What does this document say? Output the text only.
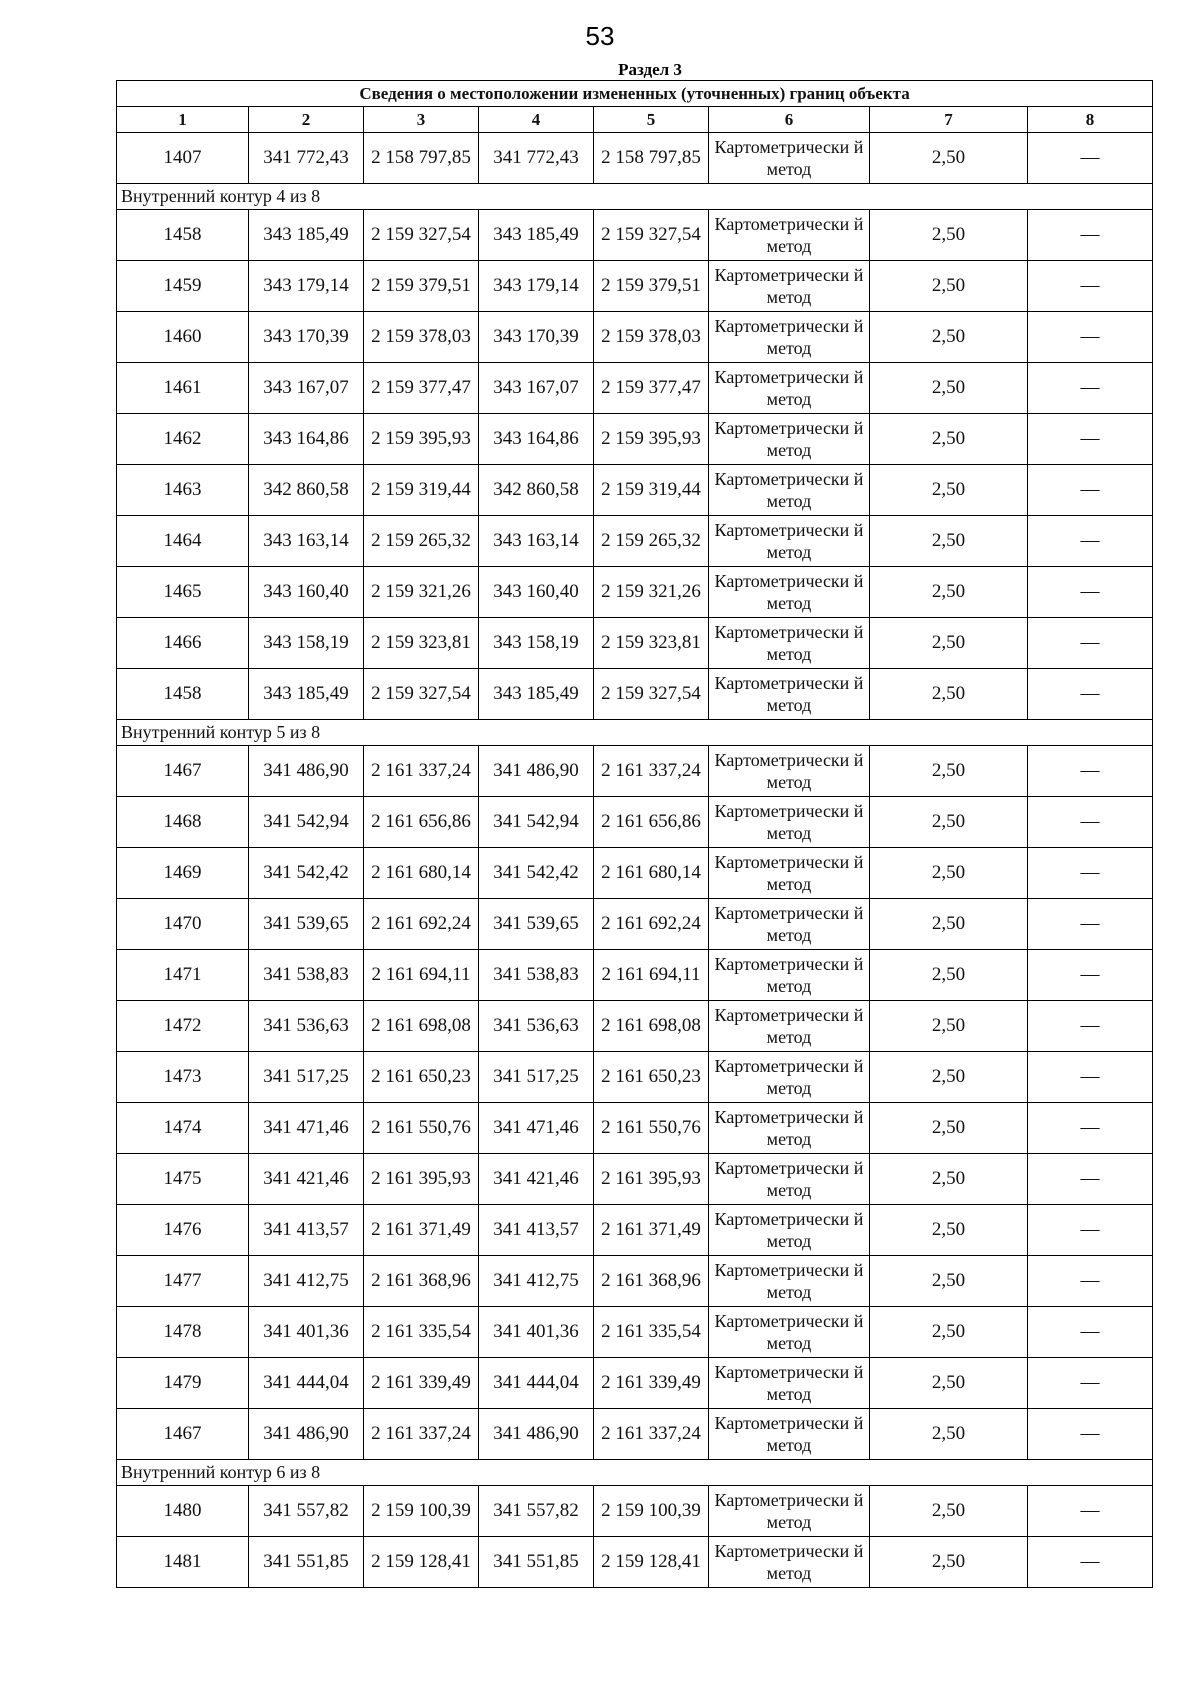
53
Раздел 3
Сведения о местоположении измененных (уточненных) границ объекта							
1	2	3	4	5	6	7	8
1407	341 772,43	2 158 797,85	341 772,43	2 158 797,85	Картометрически й метод	2,50	—
Внутренний контур 4 из 8							
1458	343 185,49	2 159 327,54	343 185,49	2 159 327,54	Картометрически й метод	2,50	—
1459	343 179,14	2 159 379,51	343 179,14	2 159 379,51	Картометрически й метод	2,50	—
1460	343 170,39	2 159 378,03	343 170,39	2 159 378,03	Картометрически й метод	2,50	—
1461	343 167,07	2 159 377,47	343 167,07	2 159 377,47	Картометрически й метод	2,50	—
1462	343 164,86	2 159 395,93	343 164,86	2 159 395,93	Картометрически й метод	2,50	—
1463	342 860,58	2 159 319,44	342 860,58	2 159 319,44	Картометрически й метод	2,50	—
1464	343 163,14	2 159 265,32	343 163,14	2 159 265,32	Картометрически й метод	2,50	—
1465	343 160,40	2 159 321,26	343 160,40	2 159 321,26	Картометрически й метод	2,50	—
1466	343 158,19	2 159 323,81	343 158,19	2 159 323,81	Картометрически й метод	2,50	—
1458	343 185,49	2 159 327,54	343 185,49	2 159 327,54	Картометрически й метод	2,50	—
Внутренний контур 5 из 8							
1467	341 486,90	2 161 337,24	341 486,90	2 161 337,24	Картометрически й метод	2,50	—
1468	341 542,94	2 161 656,86	341 542,94	2 161 656,86	Картометрически й метод	2,50	—
1469	341 542,42	2 161 680,14	341 542,42	2 161 680,14	Картометрически й метод	2,50	—
1470	341 539,65	2 161 692,24	341 539,65	2 161 692,24	Картометрически й метод	2,50	—
1471	341 538,83	2 161 694,11	341 538,83	2 161 694,11	Картометрически й метод	2,50	—
1472	341 536,63	2 161 698,08	341 536,63	2 161 698,08	Картометрически й метод	2,50	—
1473	341 517,25	2 161 650,23	341 517,25	2 161 650,23	Картометрически й метод	2,50	—
1474	341 471,46	2 161 550,76	341 471,46	2 161 550,76	Картометрически й метод	2,50	—
1475	341 421,46	2 161 395,93	341 421,46	2 161 395,93	Картометрически й метод	2,50	—
1476	341 413,57	2 161 371,49	341 413,57	2 161 371,49	Картометрически й метод	2,50	—
1477	341 412,75	2 161 368,96	341 412,75	2 161 368,96	Картометрически й метод	2,50	—
1478	341 401,36	2 161 335,54	341 401,36	2 161 335,54	Картометрически й метод	2,50	—
1479	341 444,04	2 161 339,49	341 444,04	2 161 339,49	Картометрически й метод	2,50	—
1467	341 486,90	2 161 337,24	341 486,90	2 161 337,24	Картометрически й метод	2,50	—
Внутренний контур 6 из 8							
1480	341 557,82	2 159 100,39	341 557,82	2 159 100,39	Картометрически й метод	2,50	—
1481	341 551,85	2 159 128,41	341 551,85	2 159 128,41	Картометрически й метод	2,50	—
